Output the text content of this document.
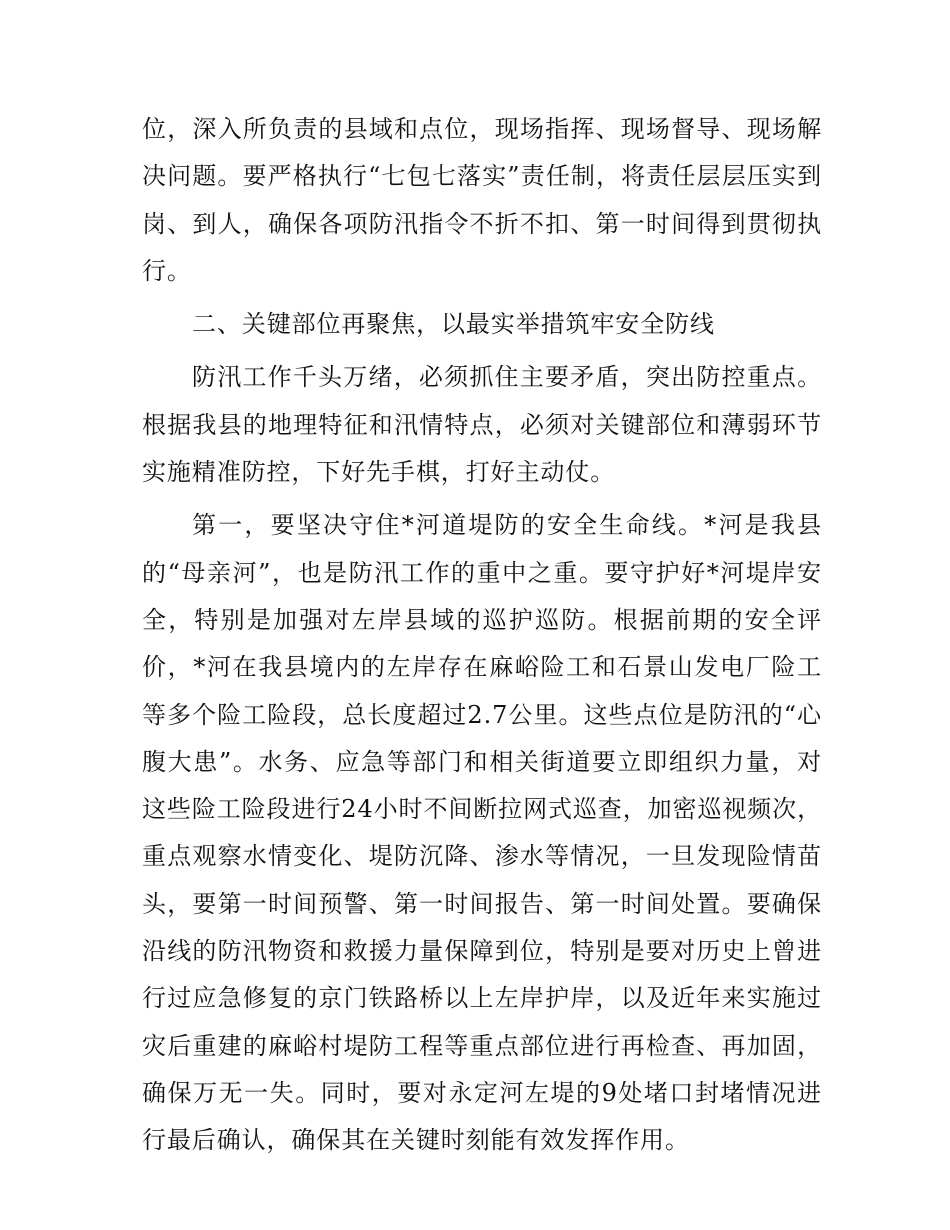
位，深入所负责的县域和点位，现场指挥、现场督导、现场解决问题。要严格执行“七包七落实”责任制，将责任层层压实到岗、到人，确保各项防汛指令不折不扣、第一时间得到贯彻执行。

二、关键部位再聚焦，以最实举措筑牢安全防线

防汛工作千头万绪，必须抓住主要矛盾，突出防控重点。根据我县的地理特征和汛情特点，必须对关键部位和薄弱环节实施精准防控，下好先手棋，打好主动仗。

第一，要坚决守住*河道堤防的安全生命线。*河是我县的“母亲河”，也是防汛工作的重中之重。要守护好*河堤岸安全，特别是加强对左岸县域的巡护巡防。根据前期的安全评价，*河在我县境内的左岸存在麻峪险工和石景山发电厂险工等多个险工险段，总长度超过2.7公里。这些点位是防汛的“心腹大患”。水务、应急等部门和相关街道要立即组织力量，对这些险工险段进行24小时不间断拉网式巡查，加密巡视频次，重点观察水情变化、堤防沉降、渗水等情况，一旦发现险情苗头，要第一时间预警、第一时间报告、第一时间处置。要确保沿线的防汛物资和救援力量保障到位，特别是要对历史上曾进行过应急修复的京门铁路桥以上左岸护岸，以及近年来实施过灾后重建的麻峪村堤防工程等重点部位进行再检查、再加固，确保万无一失。同时，要对永定河左堤的9处堵口封堵情况进行最后确认，确保其在关键时刻能有效发挥作用。
